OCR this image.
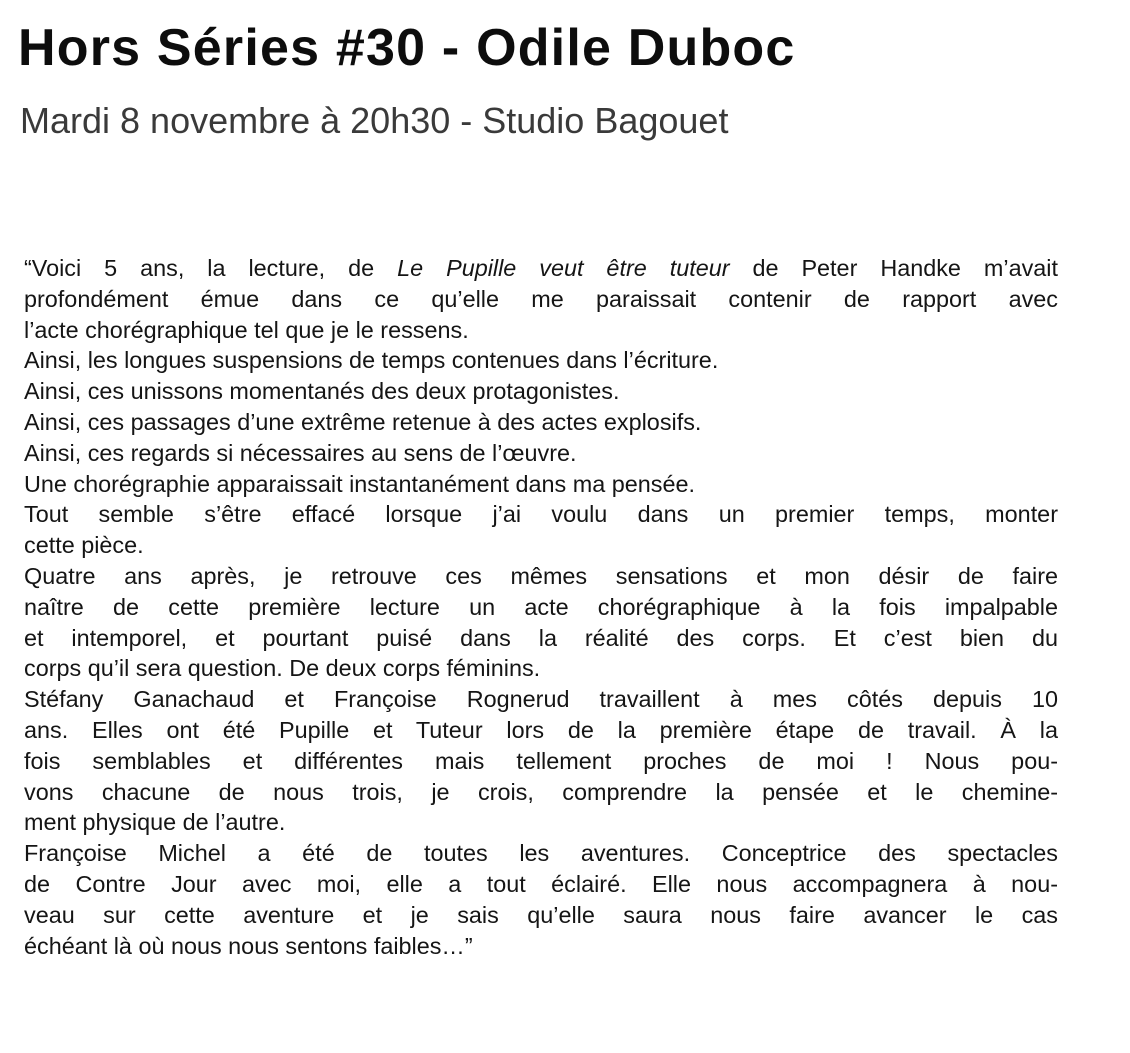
Hors Séries #30 - Odile Duboc
Mardi 8 novembre à 20h30 - Studio Bagouet
“Voici 5 ans, la lecture, de Le Pupille veut être tuteur de Peter Handke m’avait
profondément émue dans ce qu’elle me paraissait contenir de rapport avec
l’acte chorégraphique tel que je le ressens.
Ainsi, les longues suspensions de temps contenues dans l’écriture.
Ainsi, ces unissons momentanés des deux protagonistes.
Ainsi, ces passages d’une extrême retenue à des actes explosifs.
Ainsi, ces regards si nécessaires au sens de l’œuvre.
Une chorégraphie apparaissait instantanément dans ma pensée.
Tout semble s’être effacé lorsque j’ai voulu dans un premier temps, monter
cette pièce.
Quatre ans après, je retrouve ces mêmes sensations et mon désir de faire
naître de cette première lecture un acte chorégraphique à la fois impalpable
et intemporel, et pourtant puisé dans la réalité des corps. Et c’est bien du
corps qu’il sera question. De deux corps féminins.
Stéfany Ganachaud et Françoise Rognerud travaillent à mes côtés depuis 10
ans. Elles ont été Pupille et Tuteur lors de la première étape de travail. À la
fois semblables et différentes mais tellement proches de moi ! Nous pou-
vons chacune de nous trois, je crois, comprendre la pensée et le chemine-
ment physique de l’autre.
Françoise Michel a été de toutes les aventures. Conceptrice des spectacles
de Contre Jour avec moi, elle a tout éclairé. Elle nous accompagnera à nou-
veau sur cette aventure et je sais qu’elle saura nous faire avancer le cas
échéant là où nous nous sentons faibles…”
